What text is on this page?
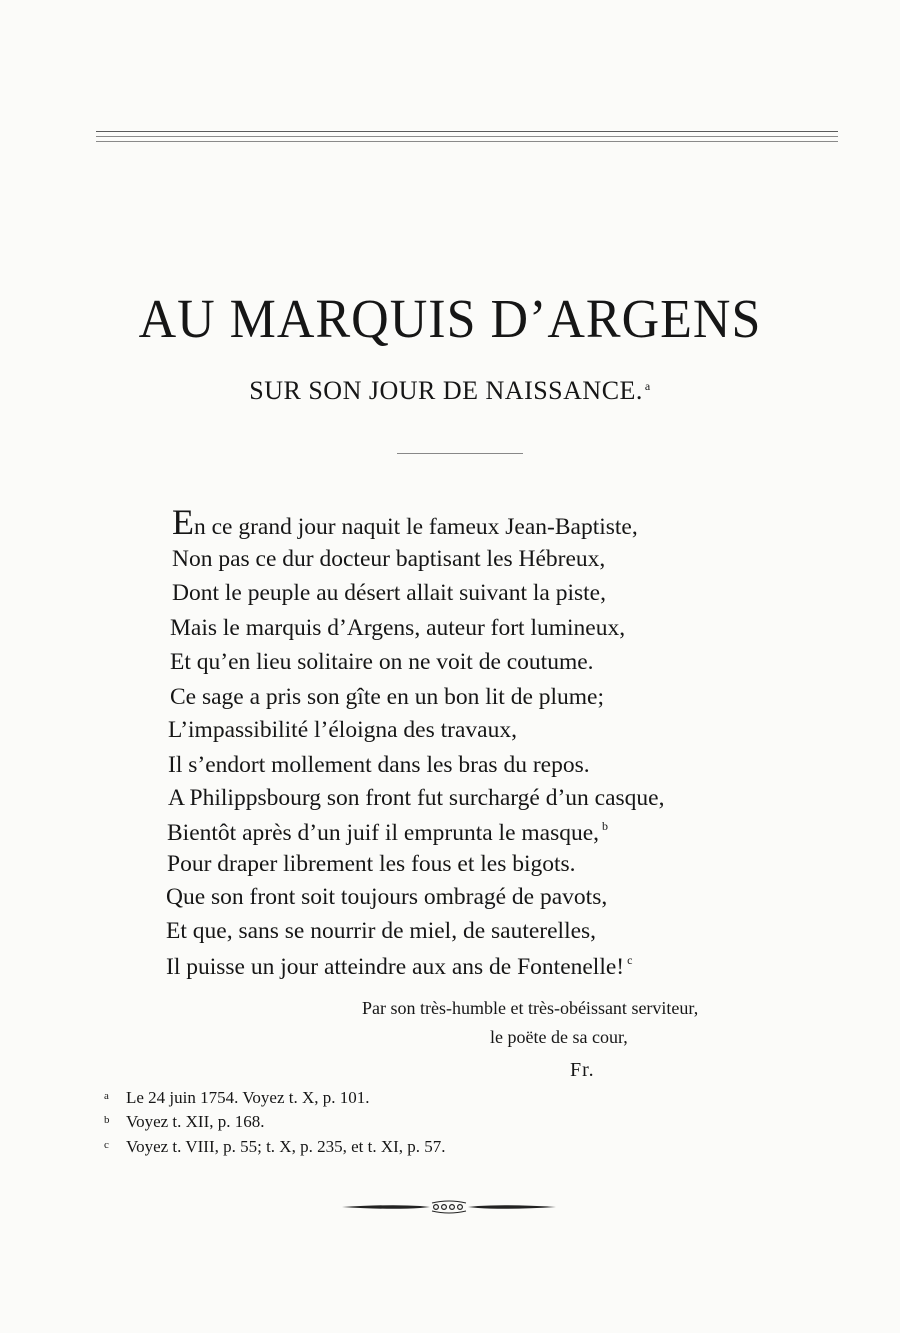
AU MARQUIS D’ARGENS
SUR SON JOUR DE NAISSANCE. $^a$
En ce grand jour naquit le fameux Jean-Baptiste,
Non pas ce dur docteur baptisant les Hébreux,
Dont le peuple au désert allait suivant la piste,
Mais le marquis d’Argens, auteur fort lumineux,
Et qu’en lieu solitaire on ne voit de coutume.
Ce sage a pris son gîte en un bon lit de plume;
L’impassibilité l’éloigna des travaux,
Il s’endort mollement dans les bras du repos.
A Philippsbourg son front fut surchargé d’un casque,
Bientôt après d’un juif il emprunta le masque, $^b$
Pour draper librement les fous et les bigots.
Que son front soit toujours ombragé de pavots,
Et que, sans se nourrir de miel, de sauterelles,
Il puisse un jour atteindre aux ans de Fontenelle! $^c$
Par son très-humble et très-obéissant serviteur,
le poëte de sa cour,
Fr.
a Le 24 juin 1754. Voyez t. X, p. 101.
b Voyez t. XII, p. 168.
c Voyez t. VIII, p. 55; t. X, p. 235, et t. XI, p. 57.
